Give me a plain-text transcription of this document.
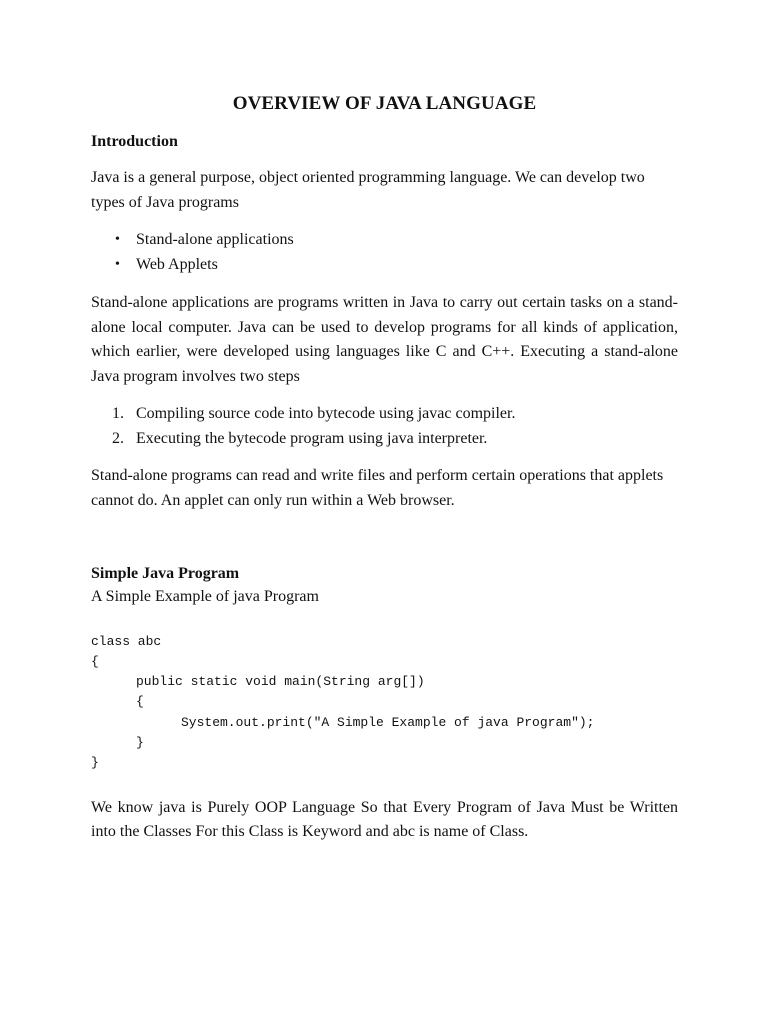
OVERVIEW OF JAVA LANGUAGE
Introduction

Java is a general purpose, object oriented programming language. We can develop two types of Java programs

• Stand-alone applications
• Web Applets

Stand-alone applications are programs written in Java to carry out certain tasks on a stand-alone local computer. Java can be used to develop programs for all kinds of application, which earlier, were developed using languages like C and C++. Executing a stand-alone Java program involves two steps

1. Compiling source code into bytecode using javac compiler.
2. Executing the bytecode program using java interpreter.

Stand-alone programs can read and write files and perform certain operations that applets cannot do. An applet can only run within a Web browser.

Simple Java Program
A Simple Example of java Program
class abc
{
public static void main(String arg[])
{
System.out.print("A Simple Example of java Program");
}
}

We know java is Purely OOP Language So that Every Program of Java Must be Written into the Classes For this Class is Keyword and abc is name of Class.
